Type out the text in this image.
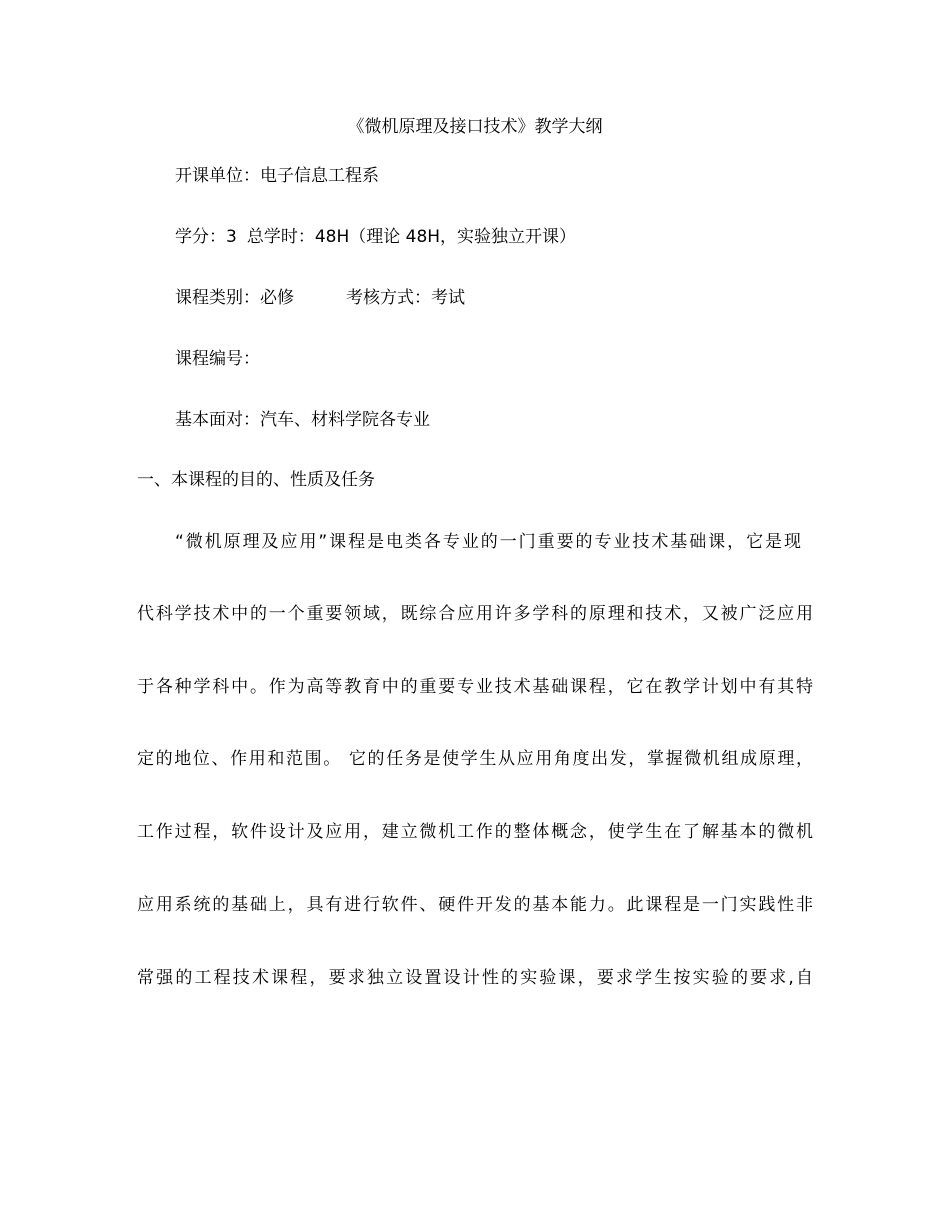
《微机原理及接口技术》教学大纲
开课单位：电子信息工程系
学分：3 总学时：48H（理论 48H，实验独立开课）
课程类别：必修	考核方式：考试
课程编号：
基本面对：汽车、材料学院各专业
一、本课程的目的、性质及任务
“微机原理及应用”课程是电类各专业的一门重要的专业技术基础课，它是现
代科学技术中的一个重要领域，既综合应用许多学科的原理和技术，又被广泛应用
于各种学科中。作为高等教育中的重要专业技术基础课程，它在教学计划中有其特
定的地位、作用和范围。 它的任务是使学生从应用角度出发，掌握微机组成原理，
工作过程，软件设计及应用，建立微机工作的整体概念，使学生在了解基本的微机
应用系统的基础上，具有进行软件、硬件开发的基本能力。此课程是一门实践性非
常强的工程技术课程，要求独立设置设计性的实验课，要求学生按实验的要求,自
